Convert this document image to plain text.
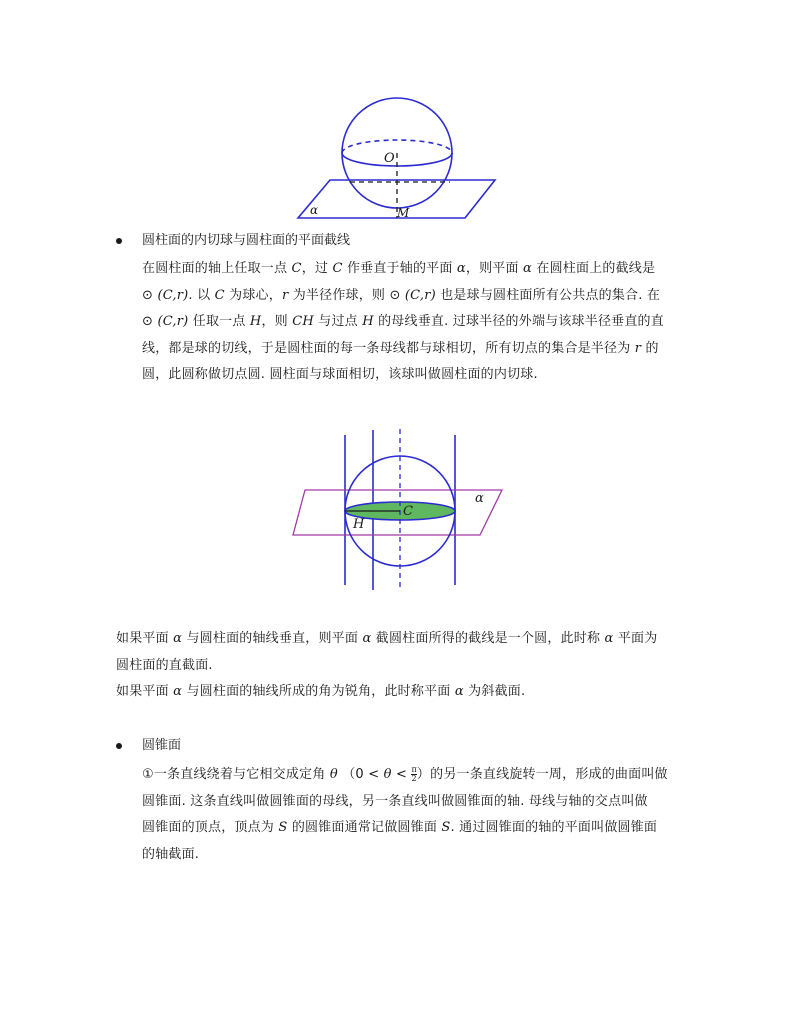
O
α	M

圆柱面的内切球与圆柱面的平面截线

在圆柱面的轴上任取一点 C，过 C 作垂直于轴的平面 α，则平面 α 在圆柱面上的截线是
⊙ (C,r). 以 C 为球心，r 为半径作球，则 ⊙ (C,r) 也是球与圆柱面所有公共点的集合. 在
⊙ (C,r) 任取一点 H，则 CH 与过点 H 的母线垂直. 过球半径的外端与该球半径垂直的直
线，都是球的切线，于是圆柱面的每一条母线都与球相切，所有切点的集合是半径为 r 的
圆，此圆称做切点圆. 圆柱面与球面相切，该球叫做圆柱面的内切球.

α
C
H

如果平面 α 与圆柱面的轴线垂直，则平面 α 截圆柱面所得的截线是一个圆，此时称 α 平面为
圆柱面的直截面.
如果平面 α 与圆柱面的轴线所成的角为锐角，此时称平面 α 为斜截面.

圆锥面

①一条直线绕着与它相交成定角 θ （$0 < \theta < \frac{\pi}{2}$ ）的另一条直线旋转一周，形成的曲面叫做
圆锥面. 这条直线叫做圆锥面的母线，另一条直线叫做圆锥面的轴. 母线与轴的交点叫做
圆锥面的顶点，顶点为 S 的圆锥面通常记做圆锥面 S. 通过圆锥面的轴的平面叫做圆锥面
的轴截面.
